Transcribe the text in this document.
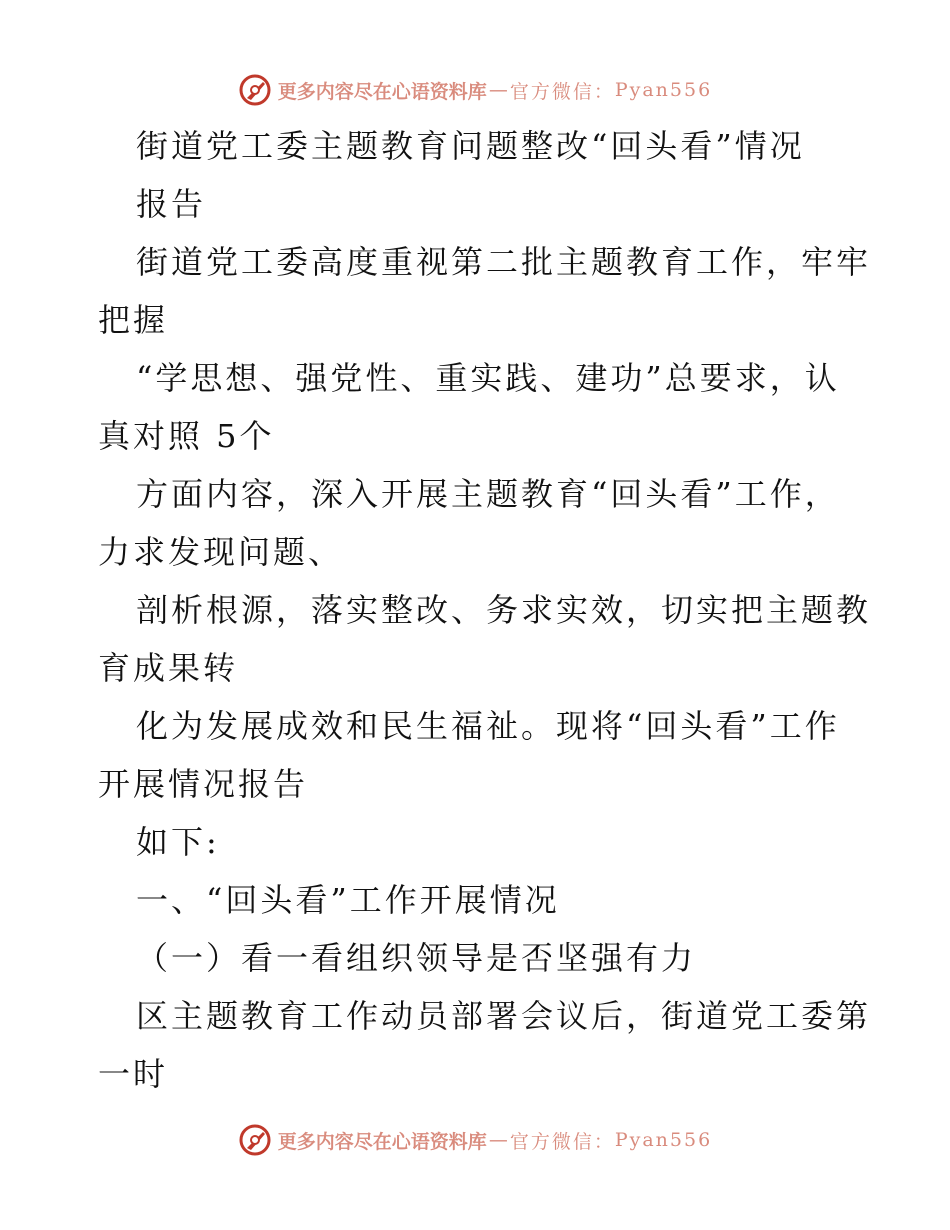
更多内容尽在心语资料库 — 官方微信： Pyan556
街道党工委主题教育问题整改“回头看”情况
报告
街道党工委高度重视第二批主题教育工作，牢牢
把握
“学思想、强党性、重实践、建功”总要求，认
真对照 5个
方面内容，深入开展主题教育“回头看”工作，
力求发现问题、
剖析根源，落实整改、务求实效，切实把主题教
育成果转
化为发展成效和民生福祉。现将“回头看”工作
开展情况报告
如下:
一、“回头看”工作开展情况
（一）看一看组织领导是否坚强有力
区主题教育工作动员部署会议后，街道党工委第
一时
更多内容尽在心语资料库 — 官方微信： Pyan556
